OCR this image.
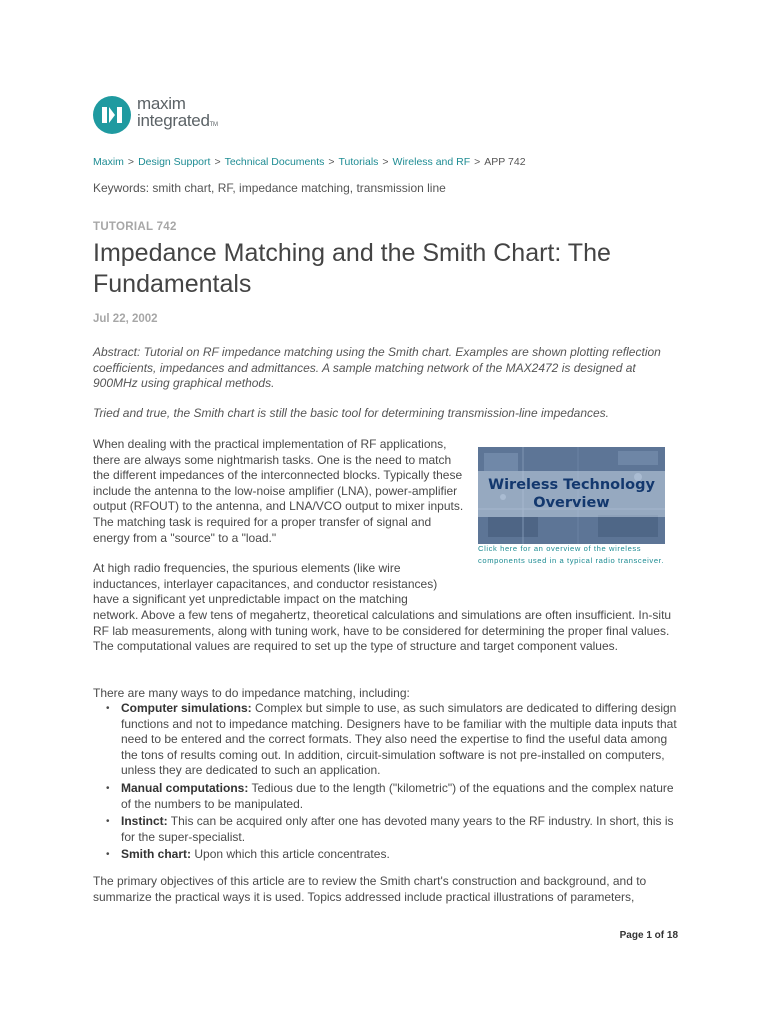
maxim
integratedTM
Maxim > Design Support > Technical Documents > Tutorials > Wireless and RF > APP 742
Keywords: smith chart, RF, impedance matching, transmission line
TUTORIAL 742
Impedance Matching and the Smith Chart: The Fundamentals
Jul 22, 2002

Abstract: Tutorial on RF impedance matching using the Smith chart. Examples are shown plotting reflection coefficients, impedances and admittances. A sample matching network of the MAX2472 is designed at 900MHz using graphical methods.

Tried and true, the Smith chart is still the basic tool for determining transmission-line impedances.

When dealing with the practical implementation of RF applications, there are always some nightmarish tasks. One is the need to match the different impedances of the interconnected blocks. Typically these include the antenna to the low-noise amplifier (LNA), power-amplifier output (RFOUT) to the antenna, and LNA/VCO output to mixer inputs. The matching task is required for a proper transfer of signal and energy from a "source" to a "load."

Wireless Technology
Overview

Click here for an overview of the wireless components used in a typical radio transceiver.

At high radio frequencies, the spurious elements (like wire inductances, interlayer capacitances, and conductor resistances) have a significant yet unpredictable impact on the matching

network. Above a few tens of megahertz, theoretical calculations and simulations are often insufficient. In-situ RF lab measurements, along with tuning work, have to be considered for determining the proper final values. The computational values are required to set up the type of structure and target component values.

There are many ways to do impedance matching, including:

• Computer simulations: Complex but simple to use, as such simulators are dedicated to differing design functions and not to impedance matching. Designers have to be familiar with the multiple data inputs that need to be entered and the correct formats. They also need the expertise to find the useful data among the tons of results coming out. In addition, circuit-simulation software is not pre-installed on computers, unless they are dedicated to such an application.
• Manual computations: Tedious due to the length ("kilometric") of the equations and the complex nature of the numbers to be manipulated.
• Instinct: This can be acquired only after one has devoted many years to the RF industry. In short, this is for the super-specialist.
• Smith chart: Upon which this article concentrates.

The primary objectives of this article are to review the Smith chart's construction and background, and to summarize the practical ways it is used. Topics addressed include practical illustrations of parameters,

Page 1 of 18
